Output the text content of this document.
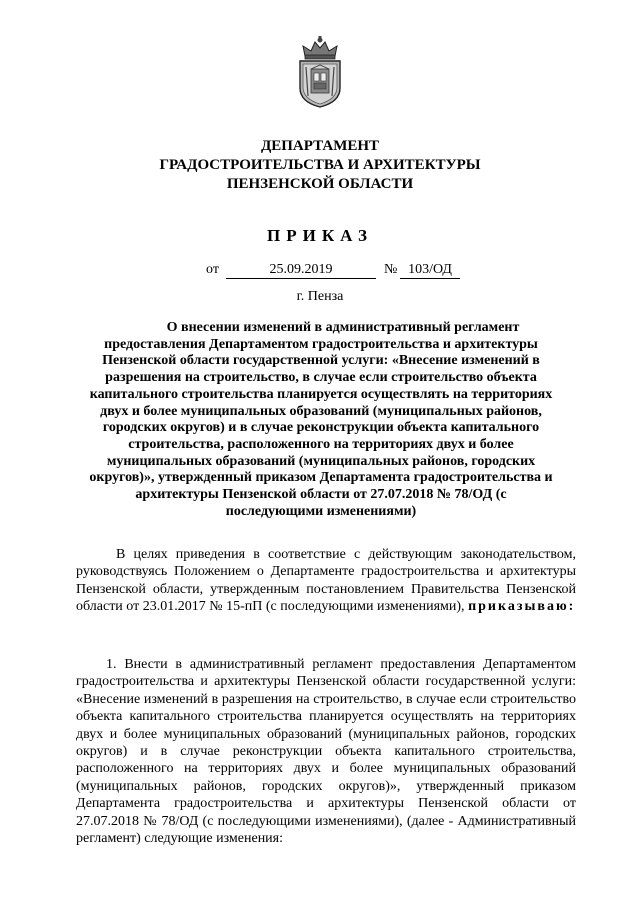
ДЕПАРТАМЕНТ
ГРАДОСТРОИТЕЛЬСТВА И АРХИТЕКТУРЫ
ПЕНЗЕНСКОЙ ОБЛАСТИ
ПРИКАЗ
от	25.09.2019	№ 103/ОД
г. Пенза
О внесении изменений в административный регламент предоставления Департаментом градостроительства и архитектуры Пензенской области государственной услуги: «Внесение изменений в разрешения на строительство, в случае если строительство объекта капитального строительства планируется осуществлять на территориях двух и более муниципальных образований (муниципальных районов, городских округов) и в случае реконструкции объекта капитального строительства, расположенного на территориях двух и более муниципальных образований (муниципальных районов, городских округов)», утвержденный приказом Департамента градостроительства и архитектуры Пензенской области от 27.07.2018 № 78/ОД (с последующими изменениями)
В целях приведения в соответствие с действующим законодательством, руководствуясь Положением о Департаменте градостроительства и архитектуры Пензенской области, утвержденным постановлением Правительства Пензенской области от 23.01.2017 № 15-пП (с последующими изменениями), приказываю:
1. Внести в административный регламент предоставления Департаментом градостроительства и архитектуры Пензенской области государственной услуги: «Внесение изменений в разрешения на строительство, в случае если строительство объекта капитального строительства планируется осуществлять на территориях двух и более муниципальных образований (муниципальных районов, городских округов) и в случае реконструкции объекта капитального строительства, расположенного на территориях двух и более муниципальных образований (муниципальных районов, городских округов)», утвержденный приказом Департамента градостроительства и архитектуры Пензенской области от 27.07.2018 № 78/ОД (с последующими изменениями), (далее - Административный регламент) следующие изменения:
